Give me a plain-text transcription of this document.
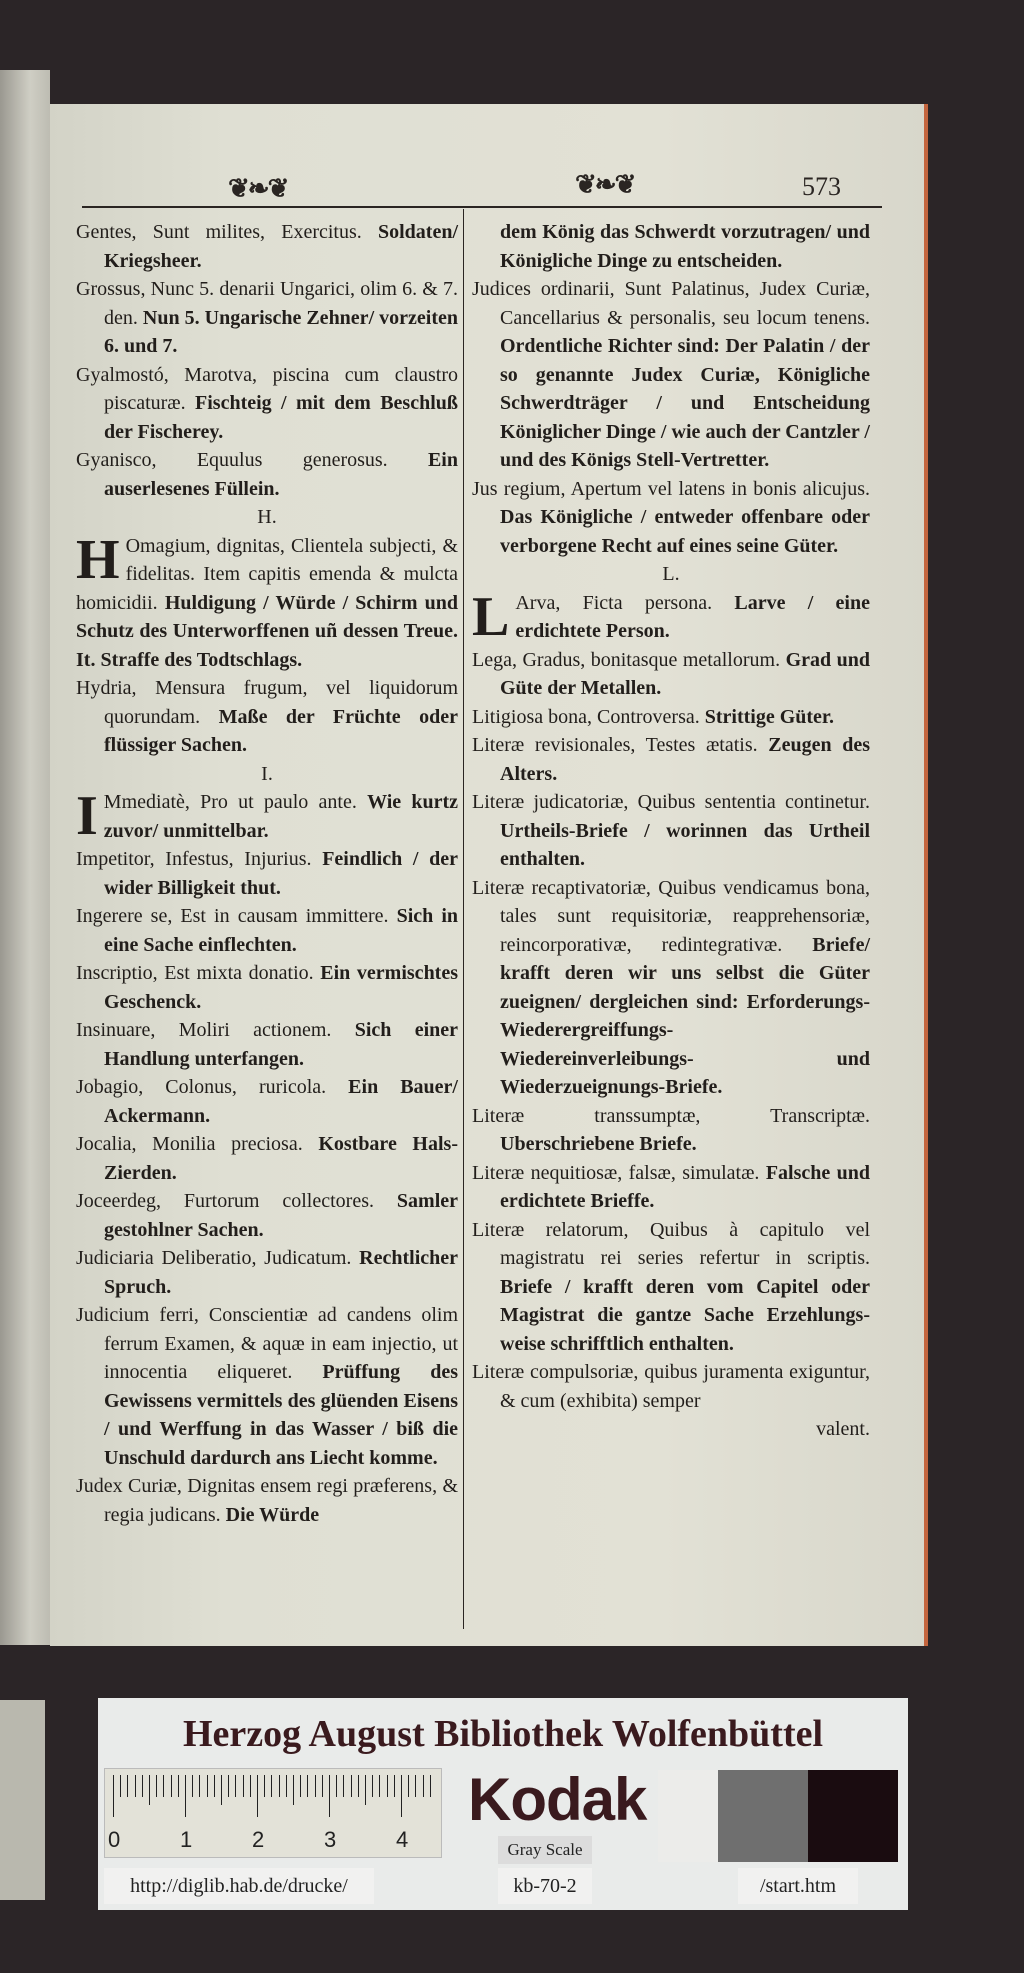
❦❧❦	❦❧❦	573
Gentes, Sunt milites, Exercitus. Soldaten/ Kriegsheer.
Grossus, Nunc 5. denarii Ungarici, olim 6. & 7. den. Nun 5. Ungarische Zehner/ vorzeiten 6. und 7.
Gyalmostó, Marotva, piscina cum claustro piscaturæ. Fischteig / mit dem Beschluß der Fischerey.
Gyanisco, Equulus generosus. Ein auserlesenes Füllein.
H.
H Omagium, dignitas, Clientela subjecti, & fidelitas. Item capitis emenda & mulcta homicidii. Huldigung / Würde / Schirm und Schutz des Unterworffenen uñ dessen Treue. It. Straffe des Todtschlags.
Hydria, Mensura frugum, vel liquidorum quorundam. Maße der Früchte oder flüssiger Sachen.
I.
I Mmediatè, Pro ut paulo ante. Wie kurtz zuvor/ unmittelbar.
Impetitor, Infestus, Injurius. Feindlich / der wider Billigkeit thut.
Ingerere se, Est in causam immittere. Sich in eine Sache einflechten.
Inscriptio, Est mixta donatio. Ein vermischtes Geschenck.
Insinuare, Moliri actionem. Sich einer Handlung unterfangen.
Jobagio, Colonus, ruricola. Ein Bauer/ Ackermann.
Jocalia, Monilia preciosa. Kostbare Hals-Zierden.
Joceerdeg, Furtorum collectores. Samler gestohlner Sachen.
Judiciaria Deliberatio, Judicatum. Rechtlicher Spruch.
Judicium ferri, Conscientiæ ad candens olim ferrum Examen, & aquæ in eam injectio, ut innocentia eliqueret. Prüffung des Gewissens vermittels des glüenden Eisens / und Werffung in das Wasser / biß die Unschuld dardurch ans Liecht komme.
Judex Curiæ, Dignitas ensem regi præferens, & regia judicans. Die Würde
dem König das Schwerdt vorzutragen/ und Königliche Dinge zu entscheiden.
Judices ordinarii, Sunt Palatinus, Judex Curiæ, Cancellarius & personalis, seu locum tenens. Ordentliche Richter sind: Der Palatin / der so genannte Judex Curiæ, Königliche Schwerdträger / und Entscheidung Königlicher Dinge / wie auch der Cantzler / und des Königs Stell-Vertretter.
Jus regium, Apertum vel latens in bonis alicujus. Das Königliche / entweder offenbare oder verborgene Recht auf eines seine Güter.
L.
L Arva, Ficta persona. Larve / eine erdichtete Person.
Lega, Gradus, bonitasque metallorum. Grad und Güte der Metallen.
Litigiosa bona, Controversa. Strittige Güter.
Literæ revisionales, Testes ætatis. Zeugen des Alters.
Literæ judicatoriæ, Quibus sententia continetur. Urtheils-Briefe / worinnen das Urtheil enthalten.
Literæ recaptivatoriæ, Quibus vendicamus bona, tales sunt requisitoriæ, reapprehensoriæ, reincorporativæ, redintegrativæ. Briefe/ krafft deren wir uns selbst die Güter zueignen/ dergleichen sind: Erforderungs- Wiederergreiffungs- Wiedereinverleibungs- und Wiederzueignungs-Briefe.
Literæ transsumptæ, Transcriptæ. Uberschriebene Briefe.
Literæ nequitiosæ, falsæ, simulatæ. Falsche und erdichtete Brieffe.
Literæ relatorum, Quibus à capitulo vel magistratu rei series refertur in scriptis. Briefe / krafft deren vom Capitel oder Magistrat die gantze Sache Erzehlungs-weise schrifftlich enthalten.
Literæ compulsoriæ, quibus juramenta exiguntur, & cum (exhibita) semper
valent.
Herzog August Bibliothek Wolfenbüttel
0	1	2	3	4
Kodak
Gray Scale
http://diglib.hab.de/drucke/	kb-70-2	/start.htm
